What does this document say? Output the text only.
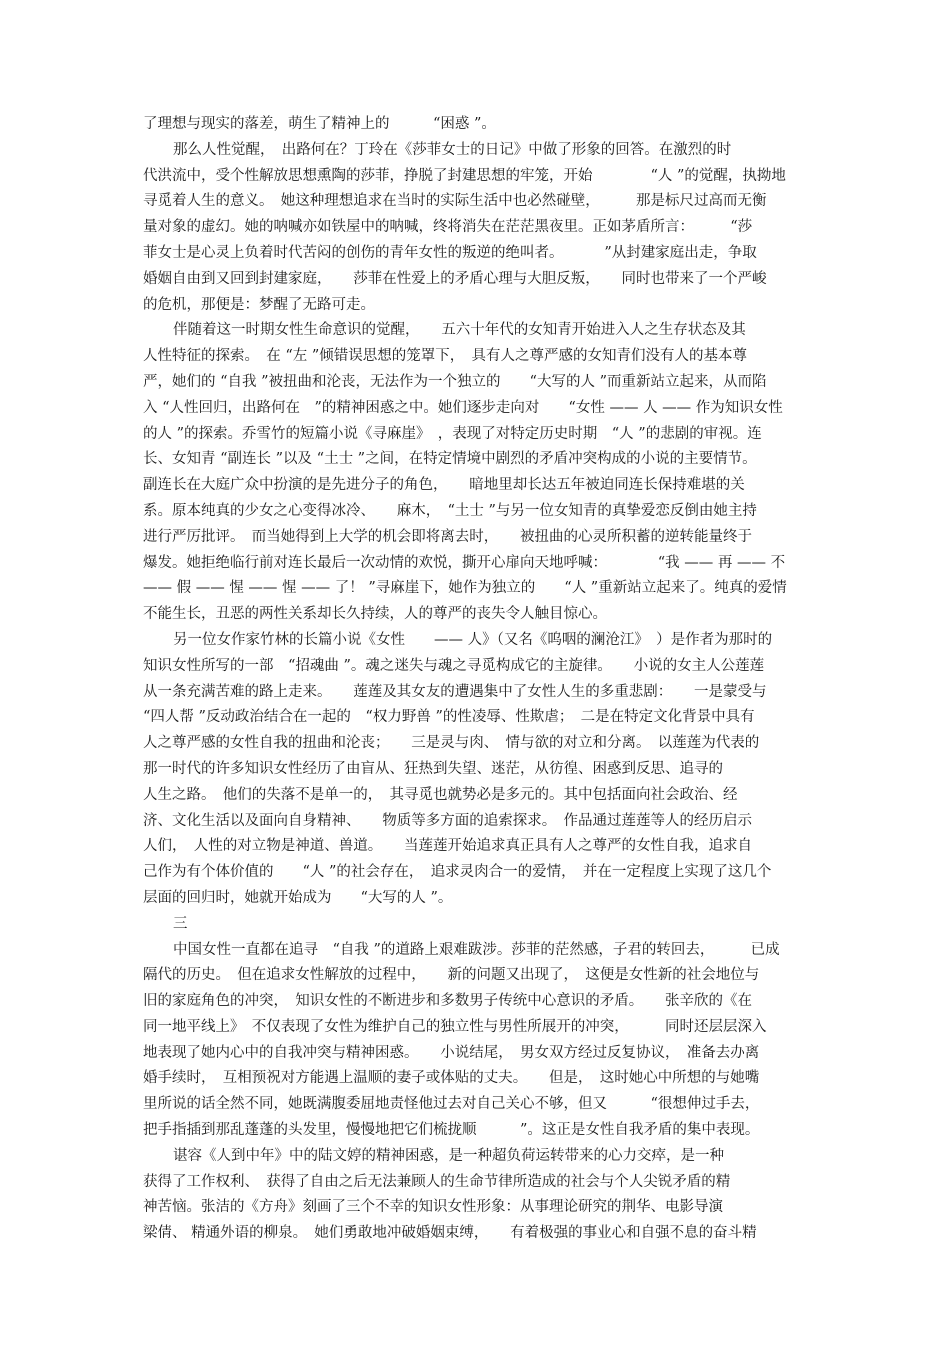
了理想与现实的落差，萌生了精神上的　　　“困惑 ”。
那么人性觉醒，　出路何在？丁玲在《莎菲女士的日记》中做了形象的回答。在激烈的时
代洪流中，受个性解放思想熏陶的莎菲，挣脱了封建思想的牢笼，开始　　　　“人 ”的觉醒，执拗地
寻觅着人生的意义。　她这种理想追求在当时的实际生活中也必然碰壁，　　　那是标尺过高而无衡
量对象的虚幻。她的呐喊亦如铁屋中的呐喊，终将消失在茫茫黑夜里。正如茅盾所言：　　　“莎
菲女士是心灵上负着时代苦闷的创伤的青年女性的叛逆的绝叫者。　　　 ”从封建家庭出走，争取
婚姻自由到又回到封建家庭，　　莎菲在性爱上的矛盾心理与大胆反叛，　　同时也带来了一个严峻
的危机，那便是：梦醒了无路可走。
伴随着这一时期女性生命意识的觉醒，　　五六十年代的女知青开始进入人之生存状态及其
人性特征的探索。　在 “左 ”倾错误思想的笼罩下，　具有人之尊严感的女知青们没有人的基本尊
严，她们的 “自我 ”被扭曲和沦丧，无法作为一个独立的　　“大写的人 ”而重新站立起来，从而陷
入 “人性回归，出路何在　”的精神困惑之中。她们逐步走向对　　“女性 —— 人 —— 作为知识女性
的人 ”的探索。乔雪竹的短篇小说《寻麻崖》　，表现了对特定历史时期　“人 ”的悲剧的审视。连
长、女知青 “副连长 ”以及 “土士 ”之间，在特定情境中剧烈的矛盾冲突构成的小说的主要情节。
副连长在大庭广众中扮演的是先进分子的角色，　　暗地里却长达五年被迫同连长保持难堪的关
系。原本纯真的少女之心变得冰冷、　　麻木，　“土士 ”与另一位女知青的真挚爱恋反倒由她主持
进行严厉批评。　而当她得到上大学的机会即将离去时，　　被扭曲的心灵所积蓄的逆转能量终于
爆发。她拒绝临行前对连长最后一次动情的欢悦，撕开心扉向天地呼喊：　　　　“我 —— 再 —— 不
—— 假 —— 惺 —— 惺 —— 了！ ”寻麻崖下，她作为独立的　　“人 ”重新站立起来了。纯真的爱情
不能生长，丑恶的两性关系却长久持续，人的尊严的丧失令人触目惊心。
另一位女作家竹林的长篇小说《女性　　—— 人》（又名《呜咽的澜沧江》　）是作者为那时的
知识女性所写的一部　“招魂曲 ”。魂之迷失与魂之寻觅构成它的主旋律。　　小说的女主人公莲莲
从一条充满苦难的路上走来。　　莲莲及其女友的遭遇集中了女性人生的多重悲剧：　　一是蒙受与
“四人帮 ”反动政治结合在一起的　“权力野兽 ”的性凌辱、性欺虐；　二是在特定文化背景中具有
人之尊严感的女性自我的扭曲和沦丧；　　三是灵与肉、　情与欲的对立和分离。　以莲莲为代表的
那一时代的许多知识女性经历了由盲从、狂热到失望、迷茫，从彷徨、困惑到反思、追寻的
人生之路。　他们的失落不是单一的，　其寻觅也就势必是多元的。其中包括面向社会政治、经
济、文化生活以及面向自身精神、　　物质等多方面的追索探求。　作品通过莲莲等人的经历启示
人们，　人性的对立物是神道、兽道。　　当莲莲开始追求真正具有人之尊严的女性自我，追求自
己作为有个体价值的　　“人 ”的社会存在，　追求灵肉合一的爱情，　并在一定程度上实现了这几个
层面的回归时，她就开始成为　　“大写的人 ”。
三
中国女性一直都在追寻　“自我 ”的道路上艰难跋涉。莎菲的茫然感，子君的转回去，　　　已成
隔代的历史。　但在追求女性解放的过程中，　　新的问题又出现了，　这便是女性新的社会地位与
旧的家庭角色的冲突，　知识女性的不断进步和多数男子传统中心意识的矛盾。　　张辛欣的《在
同一地平线上》　不仅表现了女性为维护自己的独立性与男性所展开的冲突，　　　同时还层层深入
地表现了她内心中的自我冲突与精神困惑。　　小说结尾，　男女双方经过反复协议，　准备去办离
婚手续时，　互相预祝对方能遇上温顺的妻子或体贴的丈夫。　　但是，　这时她心中所想的与她嘴
里所说的话全然不同，她既满腹委屈地责怪他过去对自己关心不够，但又　　　“很想伸过手去，
把手指插到那乱蓬蓬的头发里，慢慢地把它们梳拢顺　　　”。这正是女性自我矛盾的集中表现。
谌容《人到中年》中的陆文婷的精神困惑，是一种超负荷运转带来的心力交瘁，是一种
获得了工作权利、　获得了自由之后无法兼顾人的生命节律所造成的社会与个人尖锐矛盾的精
神苦恼。张洁的《方舟》刻画了三个不幸的知识女性形象：从事理论研究的荆华、电影导演
梁倩、 精通外语的柳泉。　她们勇敢地冲破婚姻束缚，　　有着极强的事业心和自强不息的奋斗精
